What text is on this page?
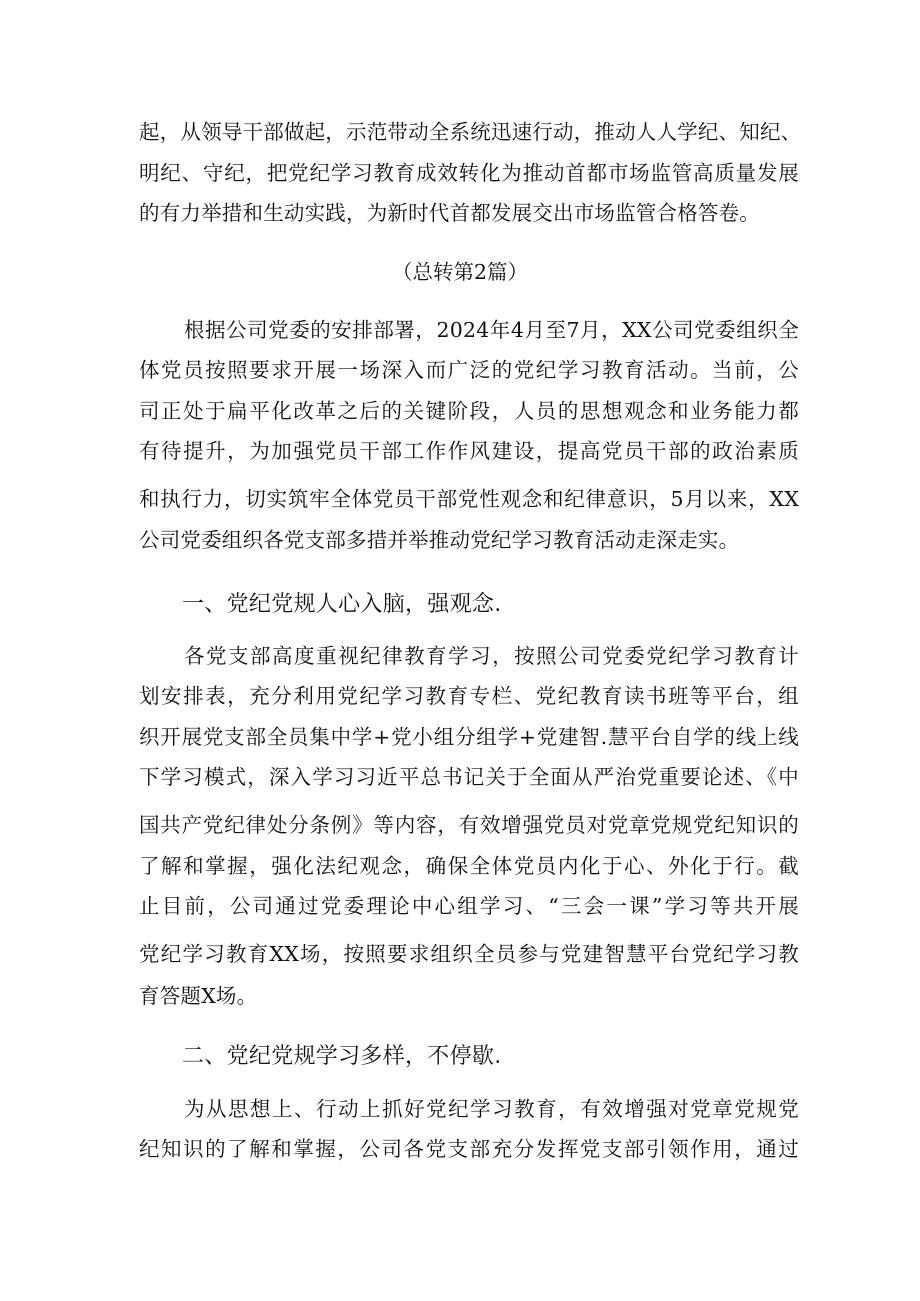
起，从领导干部做起，示范带动全系统迅速行动，推动人人学纪、知纪、
明纪、守纪，把党纪学习教育成效转化为推动首都市场监管高质量发展
的有力举措和生动实践，为新时代首都发展交出市场监管合格答卷。
（总转第2篇）
根据公司党委的安排部署，2024年4月至7月，XX公司党委组织全
体党员按照要求开展一场深入而广泛的党纪学习教育活动。当前，公
司正处于扁平化改革之后的关键阶段，人员的思想观念和业务能力都
有待提升，为加强党员干部工作作风建设，提高党员干部的政治素质
和执行力，切实筑牢全体党员干部党性观念和纪律意识，5月以来，XX
公司党委组织各党支部多措并举推动党纪学习教育活动走深走实。
一、党纪党规人心入脑，强观念.
各党支部高度重视纪律教育学习，按照公司党委党纪学习教育计
划安排表，充分利用党纪学习教育专栏、党纪教育读书班等平台，组
织开展党支部全员集中学+党小组分组学+党建智.慧平台自学的线上线
下学习模式，深入学习习近平总书记关于全面从严治党重要论述、《中
国共产党纪律处分条例》等内容，有效增强党员对党章党规党纪知识的
了解和掌握，强化法纪观念，确保全体党员内化于心、外化于行。截
止目前，公司通过党委理论中心组学习、“三会一课”学习等共开展
党纪学习教育XX场，按照要求组织全员参与党建智慧平台党纪学习教
育答题X场。
二、党纪党规学习多样，不停歇.
为从思想上、行动上抓好党纪学习教育，有效增强对党章党规党
纪知识的了解和掌握，公司各党支部充分发挥党支部引领作用，通过
